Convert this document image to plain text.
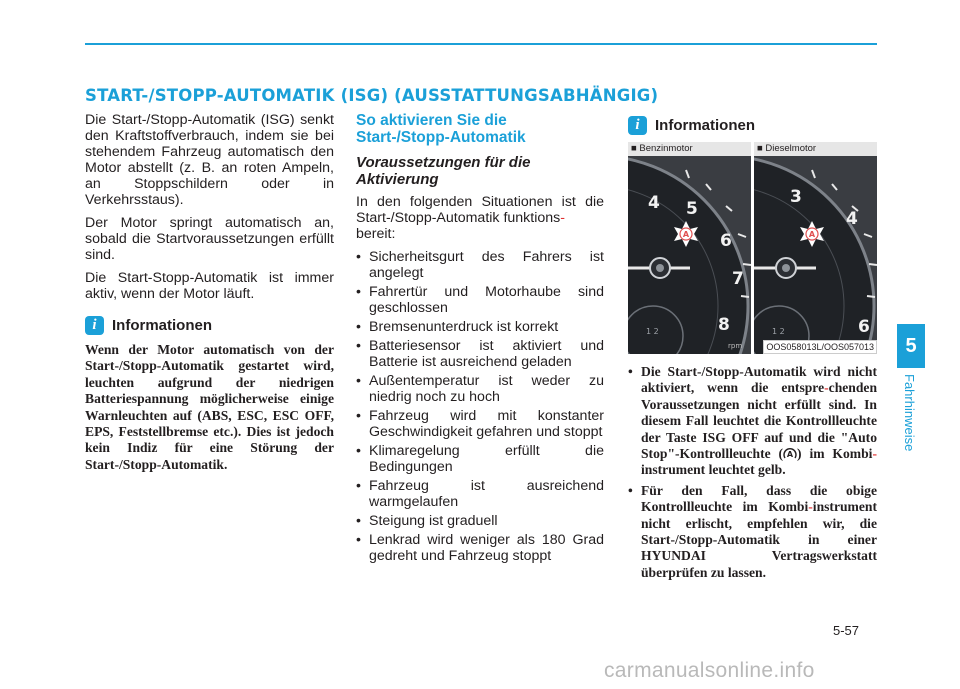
START-/STOPP-AUTOMATIK (ISG) (AUSSTATTUNGSABHÄNGIG)

Die Start-/Stopp-Automatik (ISG) senkt den Kraftstoffverbrauch, indem sie bei stehendem Fahrzeug automatisch den Motor abstellt (z. B. an roten Ampeln, an Stoppschildern oder in Verkehrsstaus).

Der Motor springt automatisch an, sobald die Startvoraussetzungen erfüllt sind.

Die Start-Stopp-Automatik ist immer aktiv, wenn der Motor läuft.

i	Informationen

Wenn der Motor automatisch von der Start-/Stopp-Automatik gestartet wird, leuchten aufgrund der niedrigen Batteriespannung möglicherweise einige Warnleuchten auf (ABS, ESC, ESC OFF, EPS, Feststellbremse etc.). Dies ist jedoch kein Indiz für eine Störung der Start-/Stopp-Automatik.

So aktivieren Sie die Start-/Stopp-Automatik
Voraussetzungen für die Aktivierung

In den folgenden Situationen ist die Start-/Stopp-Automatik funktions-
bereit:

• Sicherheitsgurt des Fahrers ist angelegt
• Fahrertür und Motorhaube sind geschlossen
• Bremsenunterdruck ist korrekt
• Batteriesensor ist aktiviert und Batterie ist ausreichend geladen
• Außentemperatur ist weder zu niedrig noch zu hoch
• Fahrzeug wird mit konstanter Geschwindigkeit gefahren und stoppt
• Klimaregelung erfüllt die Bedingungen
• Fahrzeug ist ausreichend warmgelaufen
• Steigung ist graduell
• Lenkrad wird weniger als 180 Grad gedreht und Fahrzeug stoppt
i	Informationen
■ Benzinmotor
4 5
6
7
8
rpm
A
1 2
■ Dieselmotor
3
4
6
A
1 2
OOS058013L/OOS057013
• Die Start-/Stopp-Automatik wird nicht aktiviert, wenn die entspre-chenden Voraussetzungen nicht erfüllt sind. In diesem Fall leuchtet die Kontrollleuchte der Taste ISG OFF auf und die "Auto Stop"-Kontrollleuchte ( A ) im Kombi-instrument leuchtet gelb.
• Für den Fall, dass die obige Kontrollleuchte im Kombi-instrument nicht erlischt, empfehlen wir, die Start-/Stopp-Automatik in einer HYUNDAI Vertragswerkstatt überprüfen zu lassen.
5
Fahrhinweise
5-57
carmanualsonline.info
